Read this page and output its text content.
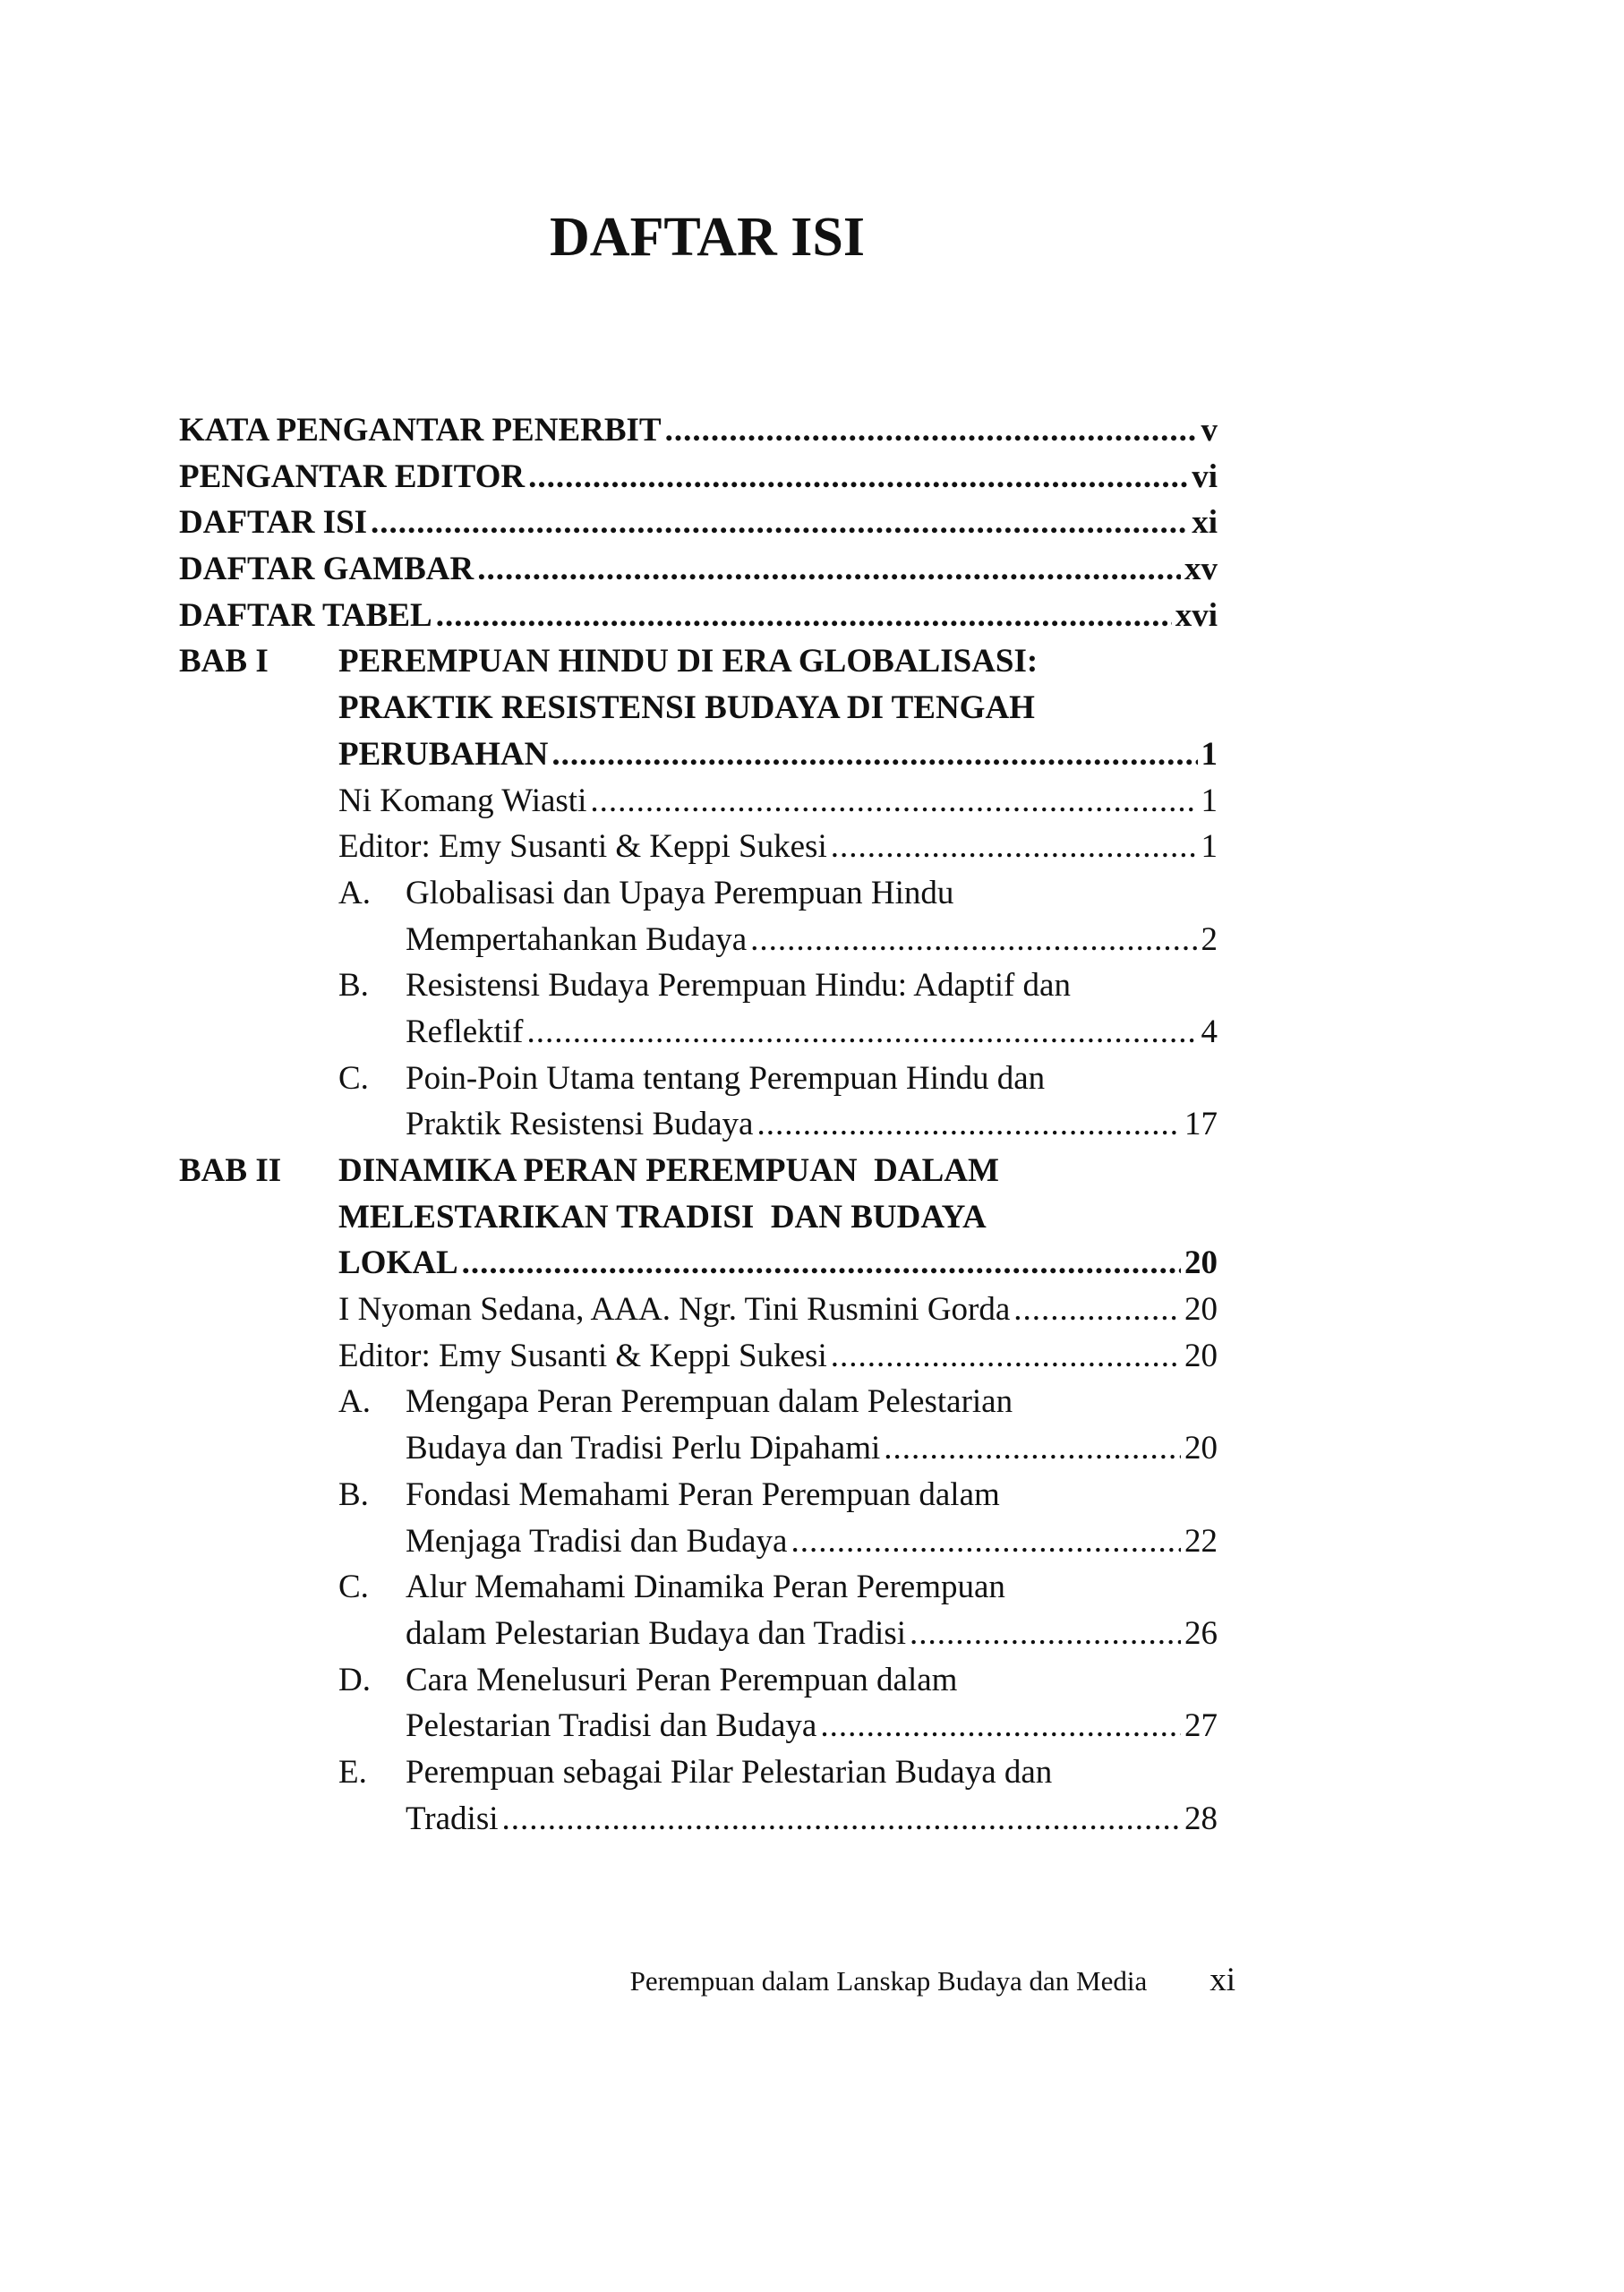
DAFTAR ISI
KATA PENGANTAR PENERBIT .....	v
PENGANTAR EDITOR .....	vi
DAFTAR ISI .....	xi
DAFTAR GAMBAR .....	xv
DAFTAR TABEL .....	xvi
BAB I	PEREMPUAN HINDU DI ERA GLOBALISASI:
PRAKTIK RESISTENSI BUDAYA DI TENGAH
PERUBAHAN .....	1
Ni Komang Wiasti .....	1
Editor: Emy Susanti & Keppi Sukesi .....	1
A.	Globalisasi dan Upaya Perempuan Hindu
Mempertahankan Budaya .....	2
B.	Resistensi Budaya Perempuan Hindu: Adaptif dan
Reflektif .....	4
C.	Poin-Poin Utama tentang Perempuan Hindu dan
Praktik Resistensi Budaya .....	17
BAB II	DINAMIKA PERAN PEREMPUAN  DALAM
MELESTARIKAN TRADISI  DAN BUDAYA
LOKAL .....	20
I Nyoman Sedana, AAA. Ngr. Tini Rusmini Gorda .....	20
Editor: Emy Susanti & Keppi Sukesi .....	20
A.	Mengapa Peran Perempuan dalam Pelestarian
Budaya dan Tradisi Perlu Dipahami .....	20
B.	Fondasi Memahami Peran Perempuan dalam
Menjaga Tradisi dan Budaya .....	22
C.	Alur Memahami Dinamika Peran Perempuan
dalam Pelestarian Budaya dan Tradisi .....	26
D.	Cara Menelusuri Peran Perempuan dalam
Pelestarian Tradisi dan Budaya .....	27
E.	Perempuan sebagai Pilar Pelestarian Budaya dan
Tradisi .....	28
Perempuan dalam Lanskap Budaya dan Media xi
